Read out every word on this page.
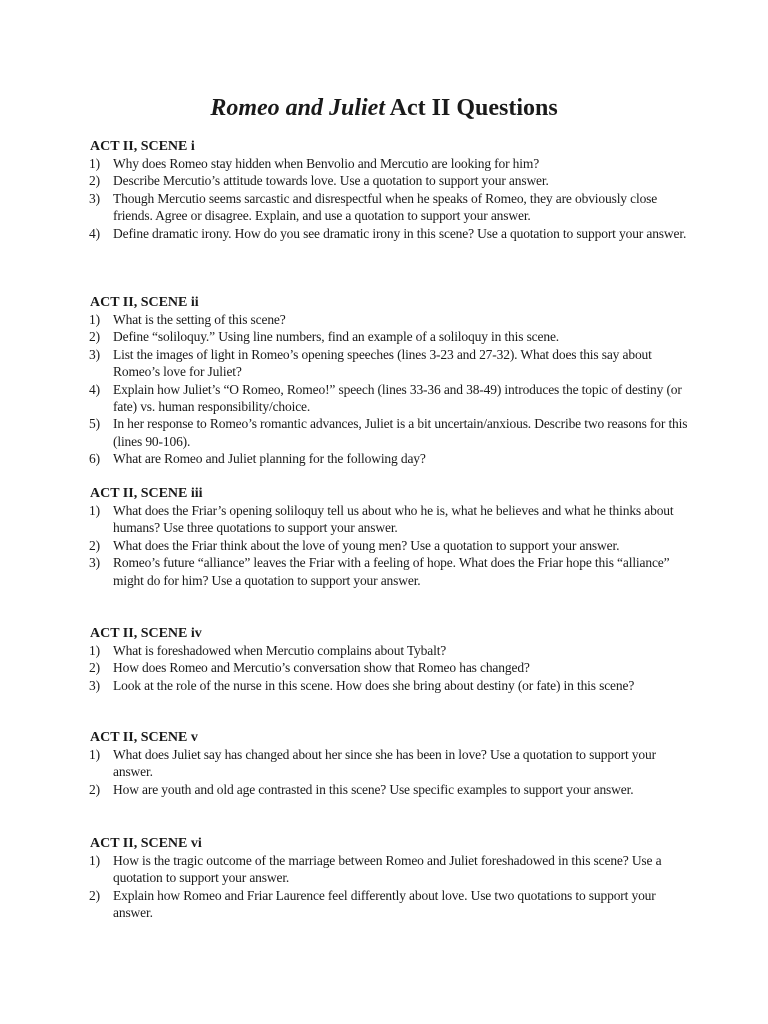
Romeo and Juliet Act II Questions
ACT II, SCENE i
1) Why does Romeo stay hidden when Benvolio and Mercutio are looking for him?
2) Describe Mercutio’s attitude towards love. Use a quotation to support your answer.
3) Though Mercutio seems sarcastic and disrespectful when he speaks of Romeo, they are obviously close friends. Agree or disagree. Explain, and use a quotation to support your answer.
4) Define dramatic irony. How do you see dramatic irony in this scene? Use a quotation to support your answer.
ACT II, SCENE ii
1) What is the setting of this scene?
2) Define “soliloquy.” Using line numbers, find an example of a soliloquy in this scene.
3) List the images of light in Romeo’s opening speeches (lines 3-23 and 27-32). What does this say about Romeo’s love for Juliet?
4) Explain how Juliet’s “O Romeo, Romeo!” speech (lines 33-36 and 38-49) introduces the topic of destiny (or fate) vs. human responsibility/choice.
5) In her response to Romeo’s romantic advances, Juliet is a bit uncertain/anxious. Describe two reasons for this (lines 90-106).
6) What are Romeo and Juliet planning for the following day?
ACT II, SCENE iii
1) What does the Friar’s opening soliloquy tell us about who he is, what he believes and what he thinks about humans? Use three quotations to support your answer.
2) What does the Friar think about the love of young men? Use a quotation to support your answer.
3) Romeo’s future “alliance” leaves the Friar with a feeling of hope. What does the Friar hope this “alliance” might do for him? Use a quotation to support your answer.
ACT II, SCENE iv
1) What is foreshadowed when Mercutio complains about Tybalt?
2) How does Romeo and Mercutio’s conversation show that Romeo has changed?
3) Look at the role of the nurse in this scene. How does she bring about destiny (or fate) in this scene?
ACT II, SCENE v
1) What does Juliet say has changed about her since she has been in love? Use a quotation to support your answer.
2) How are youth and old age contrasted in this scene? Use specific examples to support your answer.
ACT II, SCENE vi
1) How is the tragic outcome of the marriage between Romeo and Juliet foreshadowed in this scene? Use a quotation to support your answer.
2) Explain how Romeo and Friar Laurence feel differently about love. Use two quotations to support your answer.
